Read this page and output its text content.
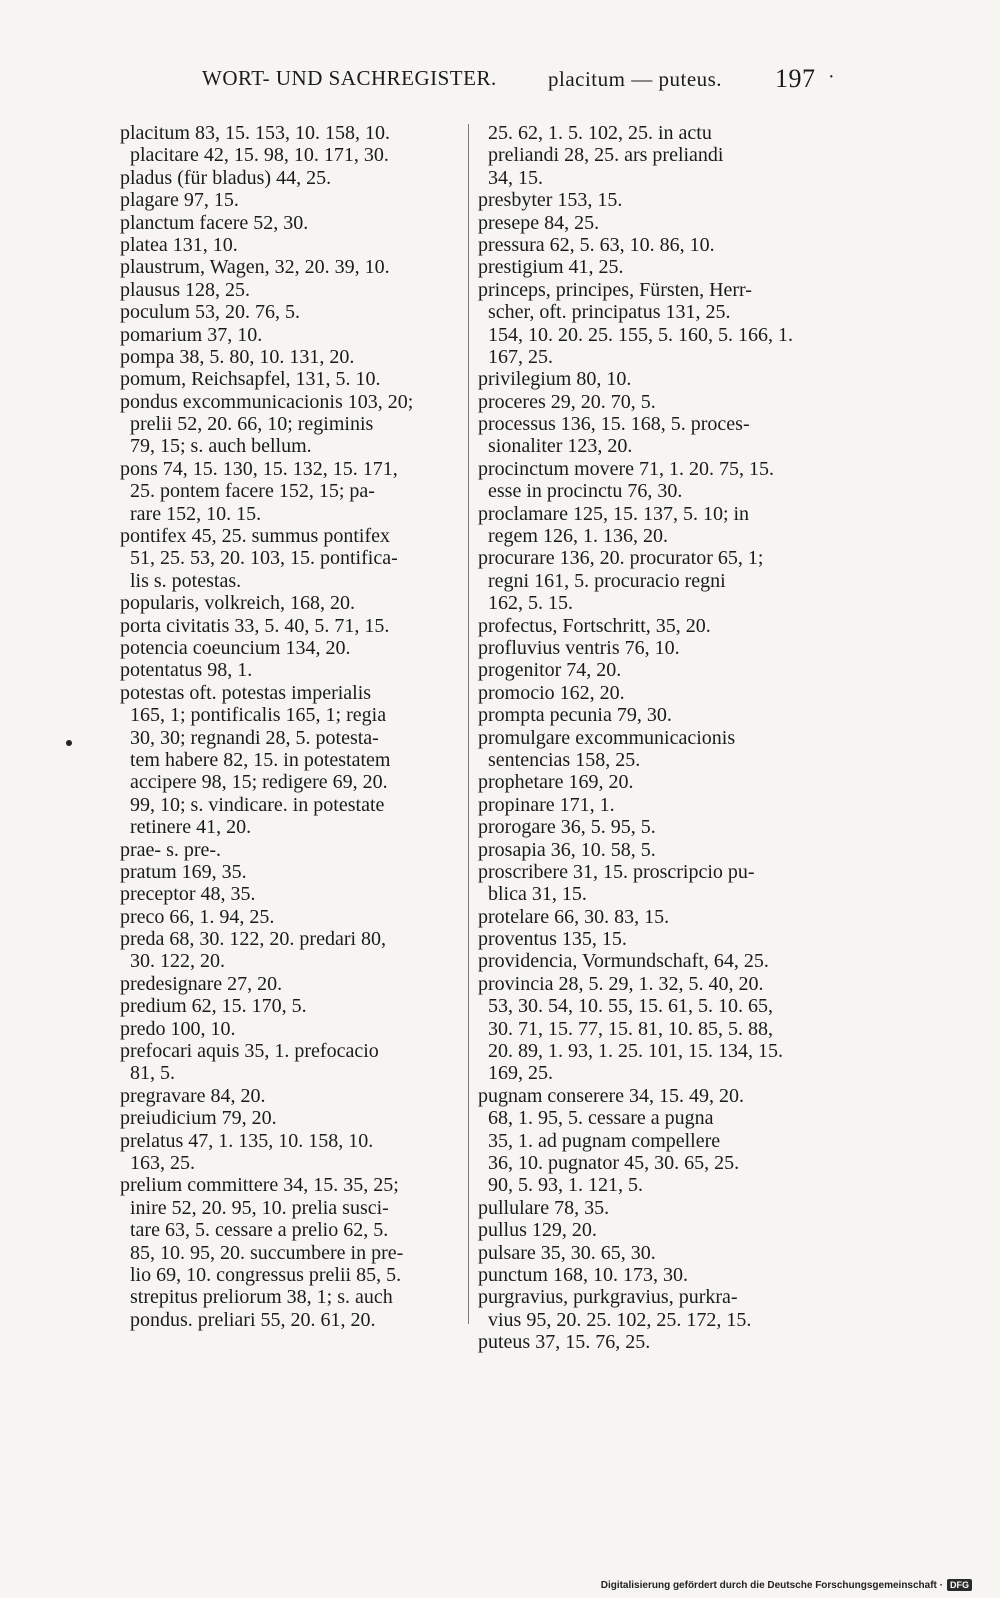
WORT- UND SACHREGISTER. placitum — puteus. 197 ·
placitum 83, 15. 153, 10. 158, 10.
placitare 42, 15. 98, 10. 171, 30.
pladus (für bladus) 44, 25.
plagare 97, 15.
planctum facere 52, 30.
platea 131, 10.
plaustrum, Wagen, 32, 20. 39, 10.
plausus 128, 25.
poculum 53, 20. 76, 5.
pomarium 37, 10.
pompa 38, 5. 80, 10. 131, 20.
pomum, Reichsapfel, 131, 5. 10.
pondus excommunicacionis 103, 20;
prelii 52, 20. 66, 10; regiminis
79, 15; s. auch bellum.
pons 74, 15. 130, 15. 132, 15. 171,
25. pontem facere 152, 15; pa-
rare 152, 10. 15.
pontifex 45, 25. summus pontifex
51, 25. 53, 20. 103, 15. pontifica-
lis s. potestas.
popularis, volkreich, 168, 20.
porta civitatis 33, 5. 40, 5. 71, 15.
potencia coeuncium 134, 20.
potentatus 98, 1.
potestas oft. potestas imperialis
165, 1; pontificalis 165, 1; regia
30, 30; regnandi 28, 5. potesta-
tem habere 82, 15. in potestatem
accipere 98, 15; redigere 69, 20.
99, 10; s. vindicare. in potestate
retinere 41, 20.
prae- s. pre-.
pratum 169, 35.
preceptor 48, 35.
preco 66, 1. 94, 25.
preda 68, 30. 122, 20. predari 80,
30. 122, 20.
predesignare 27, 20.
predium 62, 15. 170, 5.
predo 100, 10.
prefocari aquis 35, 1. prefocacio
81, 5.
pregravare 84, 20.
preiudicium 79, 20.
prelatus 47, 1. 135, 10. 158, 10.
163, 25.
prelium committere 34, 15. 35, 25;
inire 52, 20. 95, 10. prelia susci-
tare 63, 5. cessare a prelio 62, 5.
85, 10. 95, 20. succumbere in pre-
lio 69, 10. congressus prelii 85, 5.
strepitus preliorum 38, 1; s. auch
pondus. preliari 55, 20. 61, 20.
25. 62, 1. 5. 102, 25. in actu
preliandi 28, 25. ars preliandi
34, 15.
presbyter 153, 15.
presepe 84, 25.
pressura 62, 5. 63, 10. 86, 10.
prestigium 41, 25.
princeps, principes, Fürsten, Herr-
scher, oft. principatus 131, 25.
154, 10. 20. 25. 155, 5. 160, 5. 166, 1.
167, 25.
privilegium 80, 10.
proceres 29, 20. 70, 5.
processus 136, 15. 168, 5. proces-
sionaliter 123, 20.
procinctum movere 71, 1. 20. 75, 15.
esse in procinctu 76, 30.
proclamare 125, 15. 137, 5. 10; in
regem 126, 1. 136, 20.
procurare 136, 20. procurator 65, 1;
regni 161, 5. procuracio regni
162, 5. 15.
profectus, Fortschritt, 35, 20.
profluvius ventris 76, 10.
progenitor 74, 20.
promocio 162, 20.
prompta pecunia 79, 30.
promulgare excommunicacionis
sentencias 158, 25.
prophetare 169, 20.
propinare 171, 1.
prorogare 36, 5. 95, 5.
prosapia 36, 10. 58, 5.
proscribere 31, 15. proscripcio pu-
blica 31, 15.
protelare 66, 30. 83, 15.
proventus 135, 15.
providencia, Vormundschaft, 64, 25.
provincia 28, 5. 29, 1. 32, 5. 40, 20.
53, 30. 54, 10. 55, 15. 61, 5. 10. 65,
30. 71, 15. 77, 15. 81, 10. 85, 5. 88,
20. 89, 1. 93, 1. 25. 101, 15. 134, 15.
169, 25.
pugnam conserere 34, 15. 49, 20.
68, 1. 95, 5. cessare a pugna
35, 1. ad pugnam compellere
36, 10. pugnator 45, 30. 65, 25.
90, 5. 93, 1. 121, 5.
pullulare 78, 35.
pullus 129, 20.
pulsare 35, 30. 65, 30.
punctum 168, 10. 173, 30.
purgravius, purkgravius, purkra-
vius 95, 20. 25. 102, 25. 172, 15.
puteus 37, 15. 76, 25.
Digitalisierung gefördert durch die Deutsche Forschungsgemeinschaft · DFG
